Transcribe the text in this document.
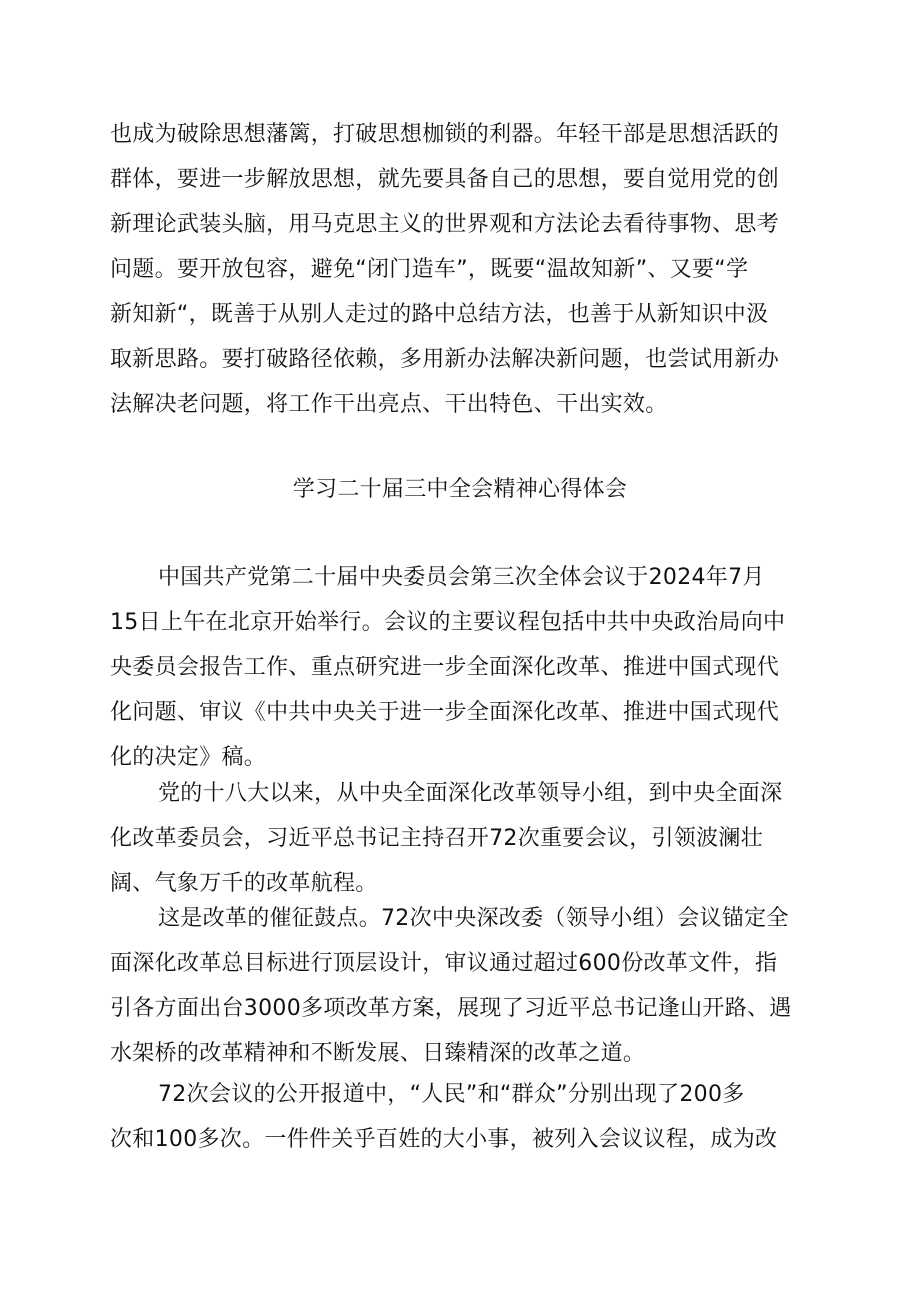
也成为破除思想藩篱，打破思想枷锁的利器。年轻干部是思想活跃的
群体，要进一步解放思想，就先要具备自己的思想，要自觉用党的创
新理论武装头脑，用马克思主义的世界观和方法论去看待事物、思考
问题。要开放包容，避免“闭门造车”，既要“温故知新”、又要“学
新知新“，既善于从别人走过的路中总结方法，也善于从新知识中汲
取新思路。要打破路径依赖，多用新办法解决新问题，也尝试用新办
法解决老问题，将工作干出亮点、干出特色、干出实效。
学习二十届三中全会精神心得体会
中国共产党第二十届中央委员会第三次全体会议于2024年7月
15日上午在北京开始举行。会议的主要议程包括中共中央政治局向中
央委员会报告工作、重点研究进一步全面深化改革、推进中国式现代
化问题、审议《中共中央关于进一步全面深化改革、推进中国式现代
化的决定》稿。
党的十八大以来，从中央全面深化改革领导小组，到中央全面深
化改革委员会，习近平总书记主持召开72次重要会议，引领波澜壮
阔、气象万千的改革航程。
这是改革的催征鼓点。72次中央深改委（领导小组）会议锚定全
面深化改革总目标进行顶层设计，审议通过超过600份改革文件，指
引各方面出台3000多项改革方案，展现了习近平总书记逢山开路、遇
水架桥的改革精神和不断发展、日臻精深的改革之道。
72次会议的公开报道中，“人民”和“群众”分别出现了200多
次和100多次。一件件关乎百姓的大小事，被列入会议议程，成为改
